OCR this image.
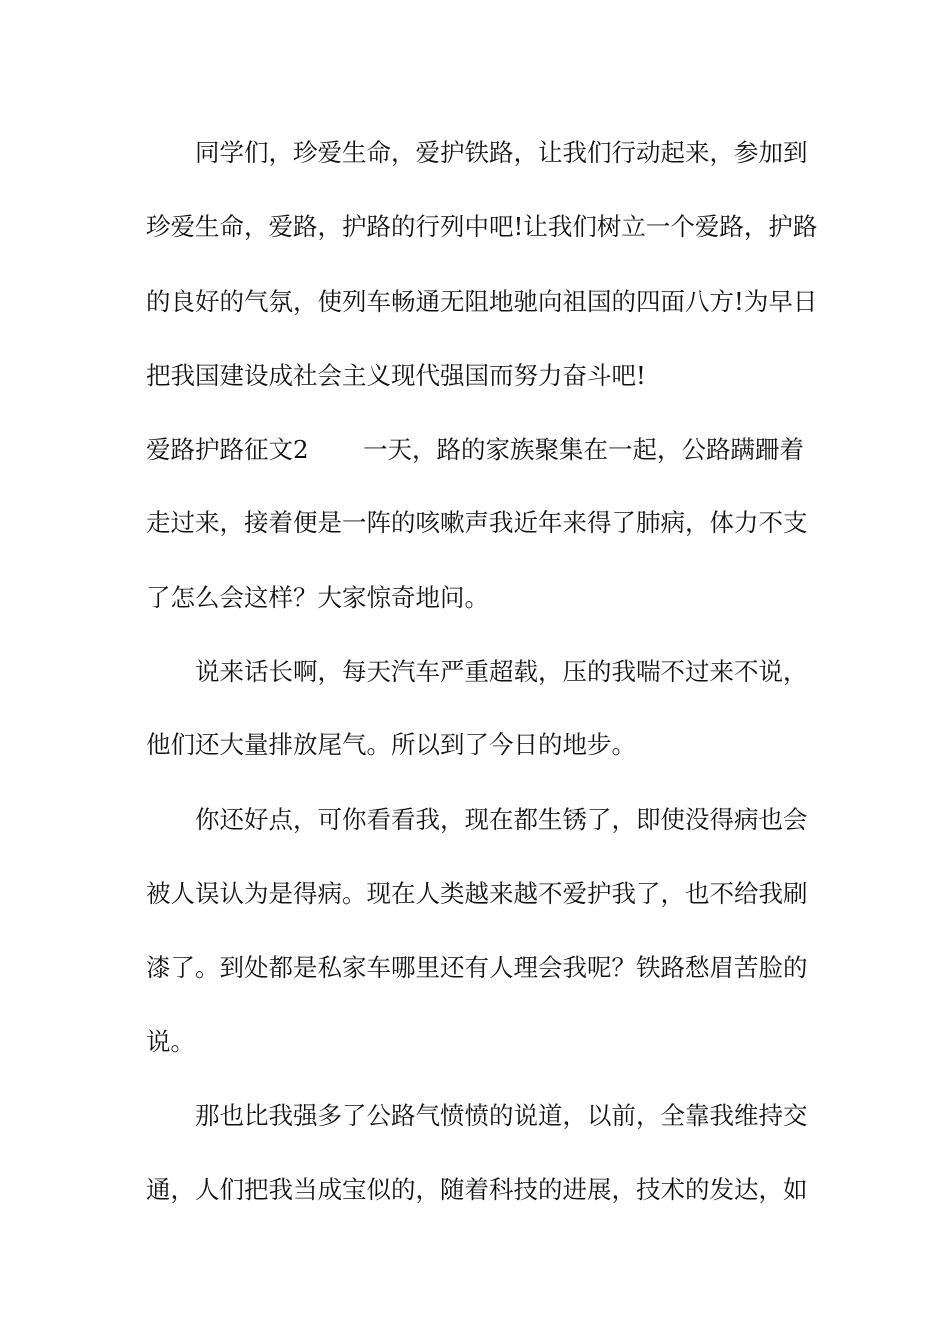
同学们，珍爱生命，爱护铁路，让我们行动起来，参加到

珍爱生命，爱路，护路的行列中吧!让我们树立一个爱路，护路

的良好的气氛，使列车畅通无阻地驰向祖国的四面八方!为早日

把我国建设成社会主义现代强国而努力奋斗吧!

爱路护路征文2

一天，路的家族聚集在一起，公路蹒跚着

走过来，接着便是一阵的咳嗽声我近年来得了肺病，体力不支

了怎么会这样？大家惊奇地问。

说来话长啊，每天汽车严重超载，压的我喘不过来不说，

他们还大量排放尾气。所以到了今日的地步。

你还好点，可你看看我，现在都生锈了，即使没得病也会

被人误认为是得病。现在人类越来越不爱护我了，也不给我刷

漆了。到处都是私家车哪里还有人理会我呢？铁路愁眉苦脸的

说。

那也比我强多了公路气愤愤的说道，以前，全靠我维持交

通，人们把我当成宝似的，随着科技的进展，技术的发达，如
